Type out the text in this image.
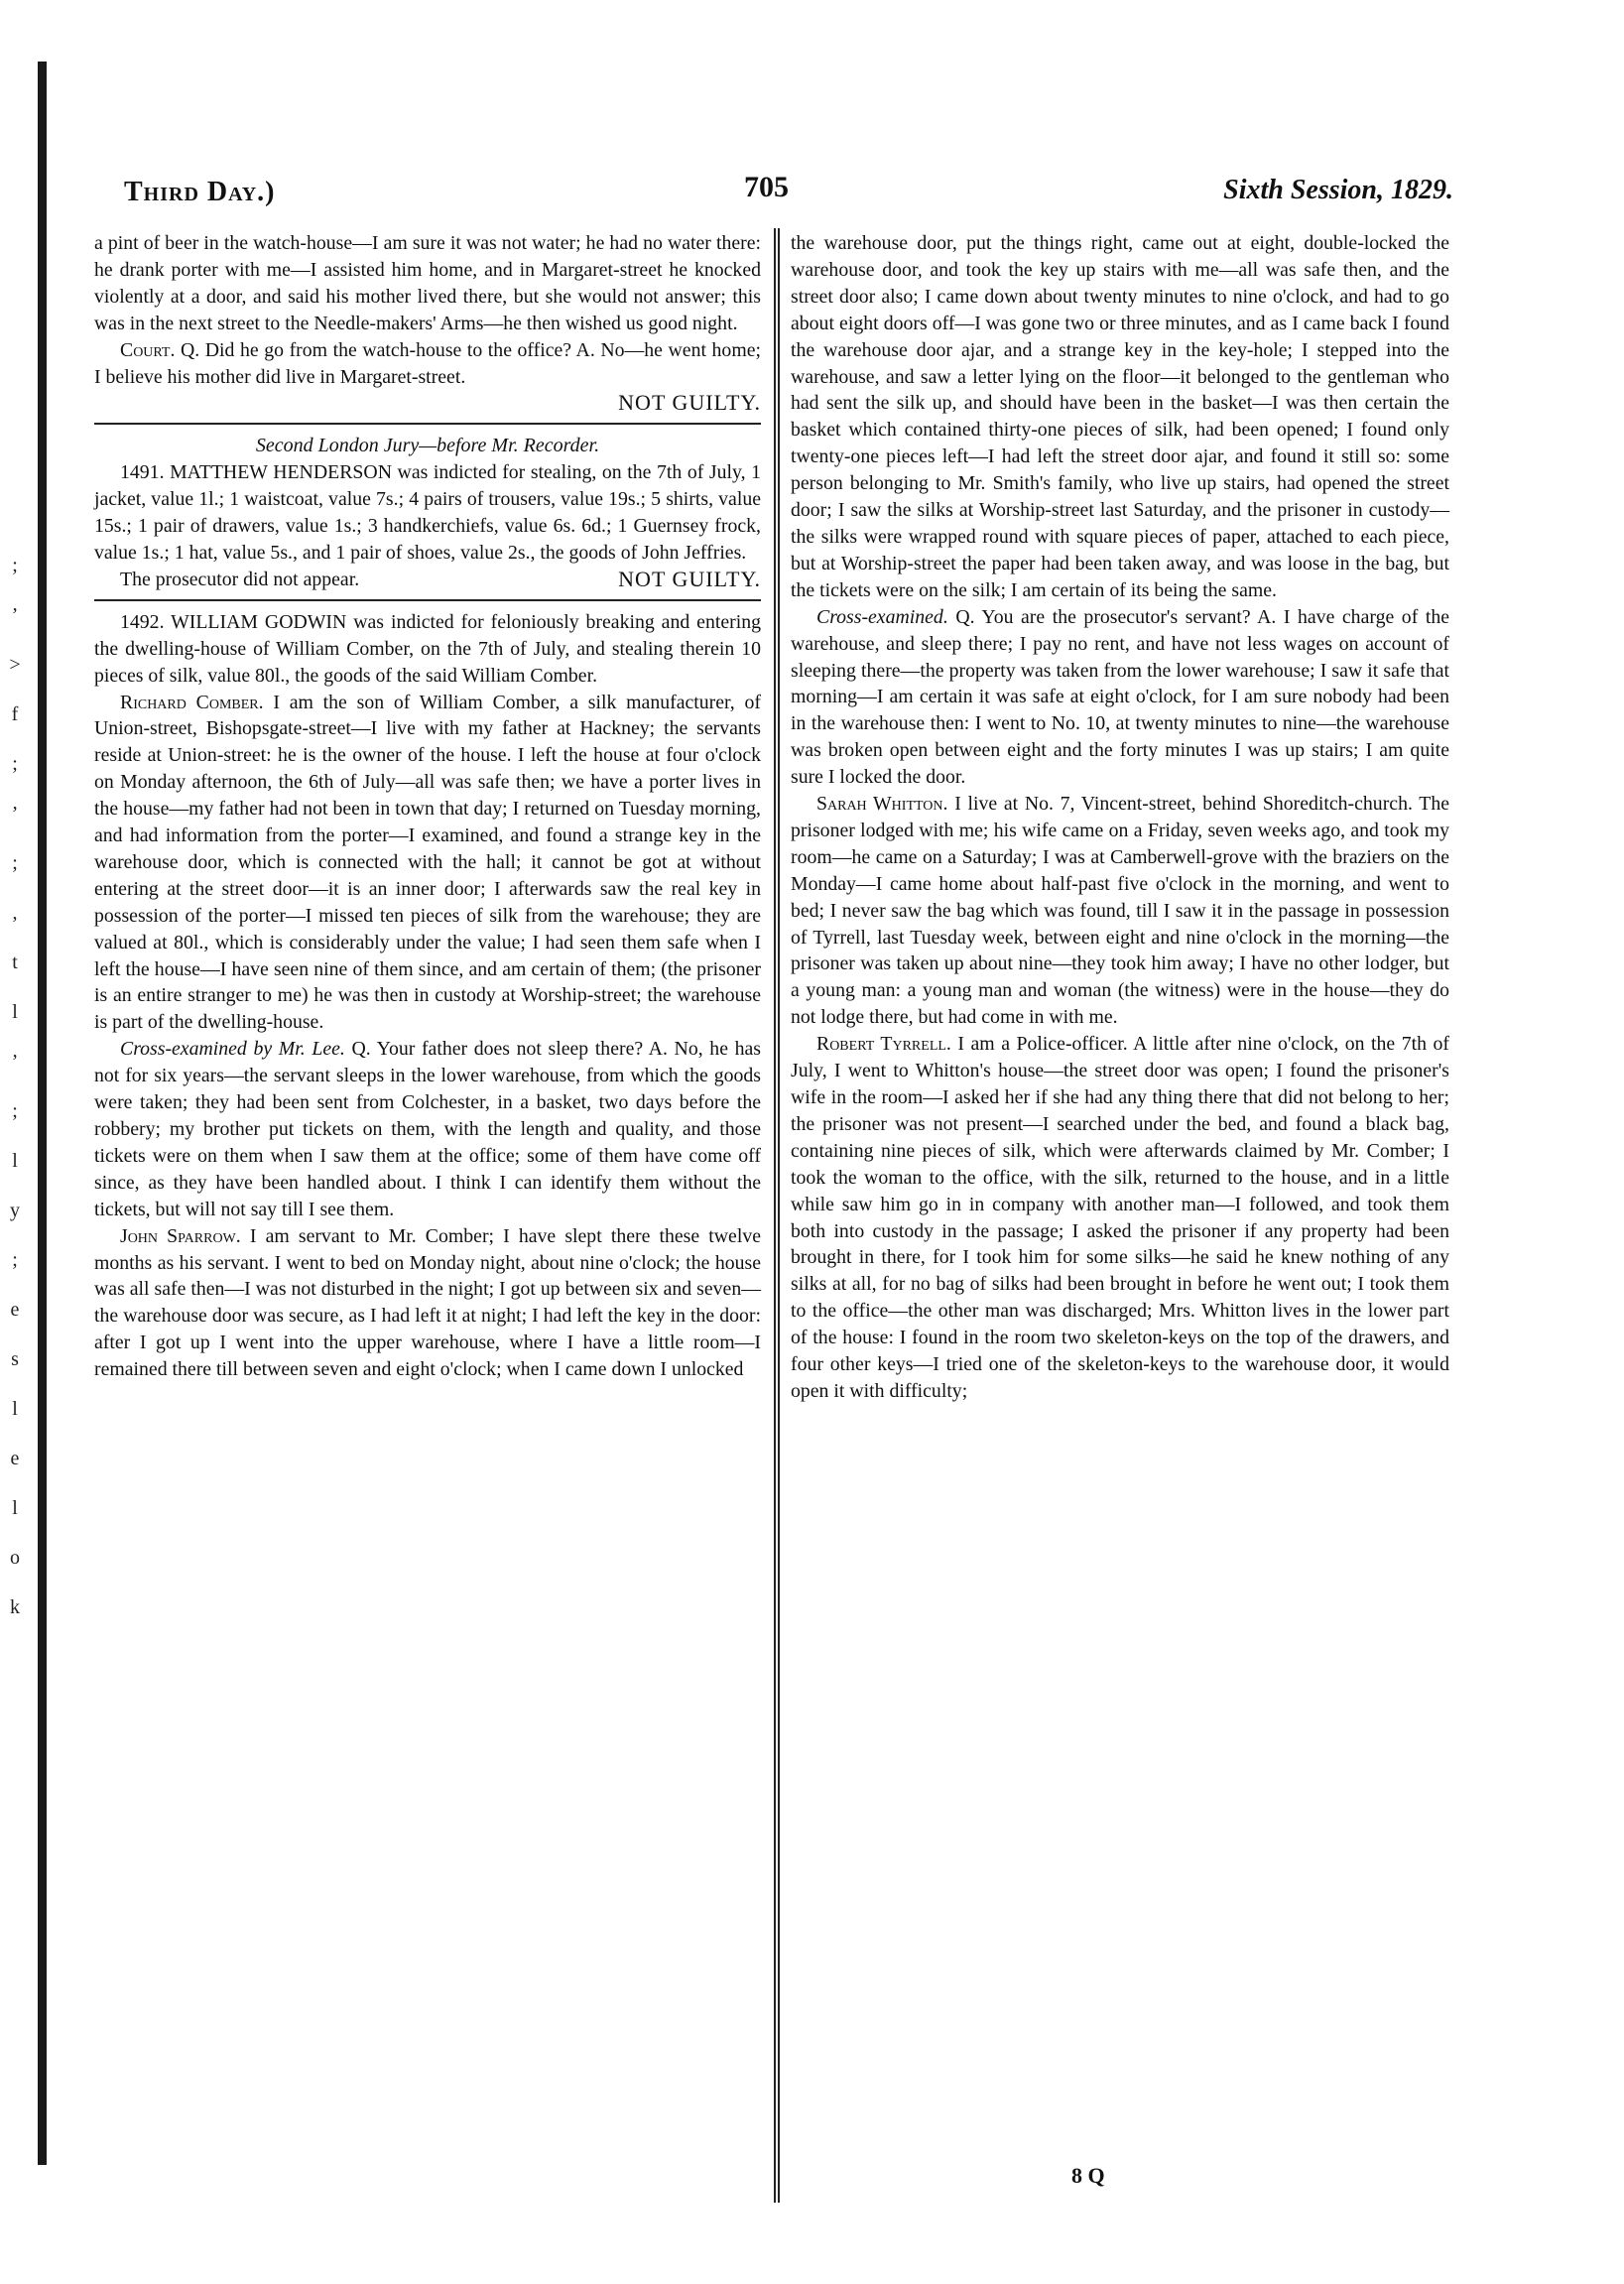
;
’
>
f
;
’
;
,
t
l
’
;
l
y
;
e
s
l
e
l
o
k
Third Day.)	705	Sixth Session, 1829.

a pint of beer in the watch-house—I am sure it was not water; he had no water there: he drank porter with me—I assisted him home, and in Margaret-street he knocked violently at a door, and said his mother lived there, but she would not answer; this was in the next street to the Needle-makers' Arms—he then wished us good night.

Court. Q. Did he go from the watch-house to the office? A. No—he went home; I believe his mother did live in Margaret-street.

NOT GUILTY.

Second London Jury—before Mr. Recorder.

1491. MATTHEW HENDERSON was indicted for stealing, on the 7th of July, 1 jacket, value 1l.; 1 waistcoat, value 7s.; 4 pairs of trousers, value 19s.; 5 shirts, value 15s.; 1 pair of drawers, value 1s.; 3 handkerchiefs, value 6s. 6d.; 1 Guernsey frock, value 1s.; 1 hat, value 5s., and 1 pair of shoes, value 2s., the goods of John Jeffries.

The prosecutor did not appear.	NOT GUILTY.

1492. WILLIAM GODWIN was indicted for feloniously breaking and entering the dwelling-house of William Comber, on the 7th of July, and stealing therein 10 pieces of silk, value 80l., the goods of the said William Comber.

Richard Comber. I am the son of William Comber, a silk manufacturer, of Union-street, Bishopsgate-street—I live with my father at Hackney; the servants reside at Union-street: he is the owner of the house. I left the house at four o'clock on Monday afternoon, the 6th of July—all was safe then; we have a porter lives in the house—my father had not been in town that day; I returned on Tuesday morning, and had information from the porter—I examined, and found a strange key in the warehouse door, which is connected with the hall; it cannot be got at without entering at the street door—it is an inner door; I afterwards saw the real key in possession of the porter—I missed ten pieces of silk from the warehouse; they are valued at 80l., which is considerably under the value; I had seen them safe when I left the house—I have seen nine of them since, and am certain of them; (the prisoner is an entire stranger to me) he was then in custody at Worship-street; the warehouse is part of the dwelling-house.

Cross-examined by Mr. Lee. Q. Your father does not sleep there? A. No, he has not for six years—the servant sleeps in the lower warehouse, from which the goods were taken; they had been sent from Colchester, in a basket, two days before the robbery; my brother put tickets on them, with the length and quality, and those tickets were on them when I saw them at the office; some of them have come off since, as they have been handled about. I think I can identify them without the tickets, but will not say till I see them.

John Sparrow. I am servant to Mr. Comber; I have slept there these twelve months as his servant. I went to bed on Monday night, about nine o'clock; the house was all safe then—I was not disturbed in the night; I got up between six and seven—the warehouse door was secure, as I had left it at night; I had left the key in the door: after I got up I went into the upper warehouse, where I have a little room—I remained there till between seven and eight o'clock; when I came down I unlocked

the warehouse door, put the things right, came out at eight, double-locked the warehouse door, and took the key up stairs with me—all was safe then, and the street door also; I came down about twenty minutes to nine o'clock, and had to go about eight doors off—I was gone two or three minutes, and as I came back I found the warehouse door ajar, and a strange key in the key-hole; I stepped into the warehouse, and saw a letter lying on the floor—it belonged to the gentleman who had sent the silk up, and should have been in the basket—I was then certain the basket which contained thirty-one pieces of silk, had been opened; I found only twenty-one pieces left—I had left the street door ajar, and found it still so: some person belonging to Mr. Smith's family, who live up stairs, had opened the street door; I saw the silks at Worship-street last Saturday, and the prisoner in custody—the silks were wrapped round with square pieces of paper, attached to each piece, but at Worship-street the paper had been taken away, and was loose in the bag, but the tickets were on the silk; I am certain of its being the same.

Cross-examined. Q. You are the prosecutor's servant? A. I have charge of the warehouse, and sleep there; I pay no rent, and have not less wages on account of sleeping there—the property was taken from the lower warehouse; I saw it safe that morning—I am certain it was safe at eight o'clock, for I am sure nobody had been in the warehouse then: I went to No. 10, at twenty minutes to nine—the warehouse was broken open between eight and the forty minutes I was up stairs; I am quite sure I locked the door.

Sarah Whitton. I live at No. 7, Vincent-street, behind Shoreditch-church. The prisoner lodged with me; his wife came on a Friday, seven weeks ago, and took my room—he came on a Saturday; I was at Camberwell-grove with the braziers on the Monday—I came home about half-past five o'clock in the morning, and went to bed; I never saw the bag which was found, till I saw it in the passage in possession of Tyrrell, last Tuesday week, between eight and nine o'clock in the morning—the prisoner was taken up about nine—they took him away; I have no other lodger, but a young man: a young man and woman (the witness) were in the house—they do not lodge there, but had come in with me.

Robert Tyrrell. I am a Police-officer. A little after nine o'clock, on the 7th of July, I went to Whitton's house—the street door was open; I found the prisoner's wife in the room—I asked her if she had any thing there that did not belong to her; the prisoner was not present—I searched under the bed, and found a black bag, containing nine pieces of silk, which were afterwards claimed by Mr. Comber; I took the woman to the office, with the silk, returned to the house, and in a little while saw him go in in company with another man—I followed, and took them both into custody in the passage; I asked the prisoner if any property had been brought in there, for I took him for some silks—he said he knew nothing of any silks at all, for no bag of silks had been brought in before he went out; I took them to the office—the other man was discharged; Mrs. Whitton lives in the lower part of the house: I found in the room two skeleton-keys on the top of the drawers, and four other keys—I tried one of the skeleton-keys to the warehouse door, it would open it with difficulty;

8 Q
